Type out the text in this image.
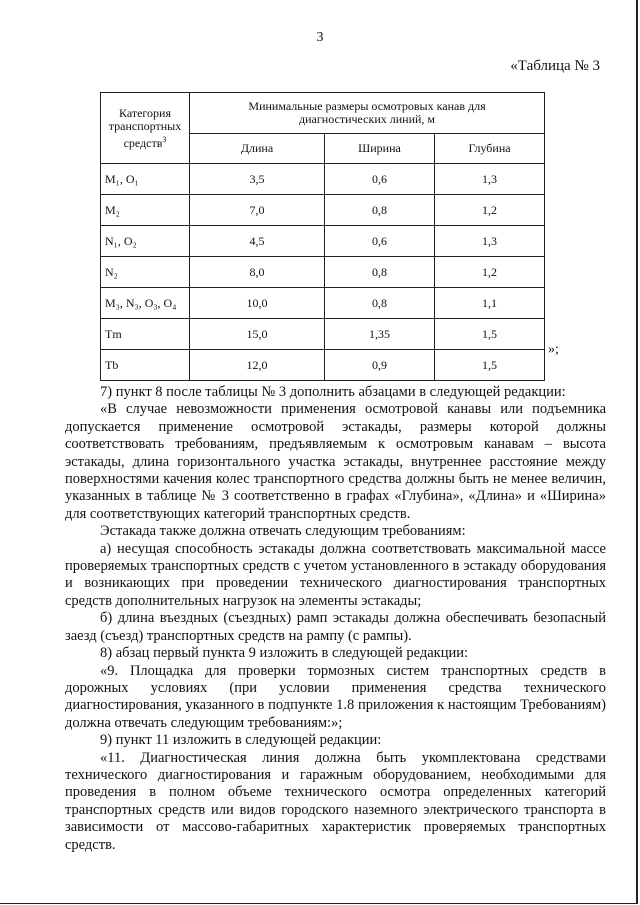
3
«Таблица № 3
Категория транспортных средств$^3$	Минимальные размеры осмотровых канав для диагностических линий, м		
	Длина	Ширина	Глубина
M₁, O₁	3,5	0,6	1,3
M₂	7,0	0,8	1,2
N₁, O₂	4,5	0,6	1,3
N₂	8,0	0,8	1,2
M₃, N₃, O₃, O₄	10,0	0,8	1,1
Tm	15,0	1,35	1,5
Tb	12,0	0,9	1,5
»;

7) пункт 8 после таблицы № 3 дополнить абзацами в следующей редакции:

«В случае невозможности применения осмотровой канавы или подъемника допускается применение осмотровой эстакады, размеры которой должны соответствовать требованиям, предъявляемым к осмотровым канавам – высота эстакады, длина горизонтального участка эстакады, внутреннее расстояние между поверхностями качения колес транспортного средства должны быть не менее величин, указанных в таблице № 3 соответственно в графах «Глубина», «Длина» и «Ширина» для соответствующих категорий транспортных средств.

Эстакада также должна отвечать следующим требованиям:

а) несущая способность эстакады должна соответствовать максимальной массе проверяемых транспортных средств с учетом установленного в эстакаду оборудования и возникающих при проведении технического диагностирования транспортных средств дополнительных нагрузок на элементы эстакады;

б) длина въездных (съездных) рамп эстакады должна обеспечивать безопасный заезд (съезд) транспортных средств на рампу (с рампы).

8) абзац первый пункта 9 изложить в следующей редакции:

«9. Площадка для проверки тормозных систем транспортных средств в дорожных условиях (при условии применения средства технического диагностирования, указанного в подпункте 1.8 приложения к настоящим Требованиям) должна отвечать следующим требованиям:»;

9) пункт 11 изложить в следующей редакции:

«11. Диагностическая линия должна быть укомплектована средствами технического диагностирования и гаражным оборудованием, необходимыми для проведения в полном объеме технического осмотра определенных категорий транспортных средств или видов городского наземного электрического транспорта в зависимости от массово-габаритных характеристик проверяемых транспортных средств.
